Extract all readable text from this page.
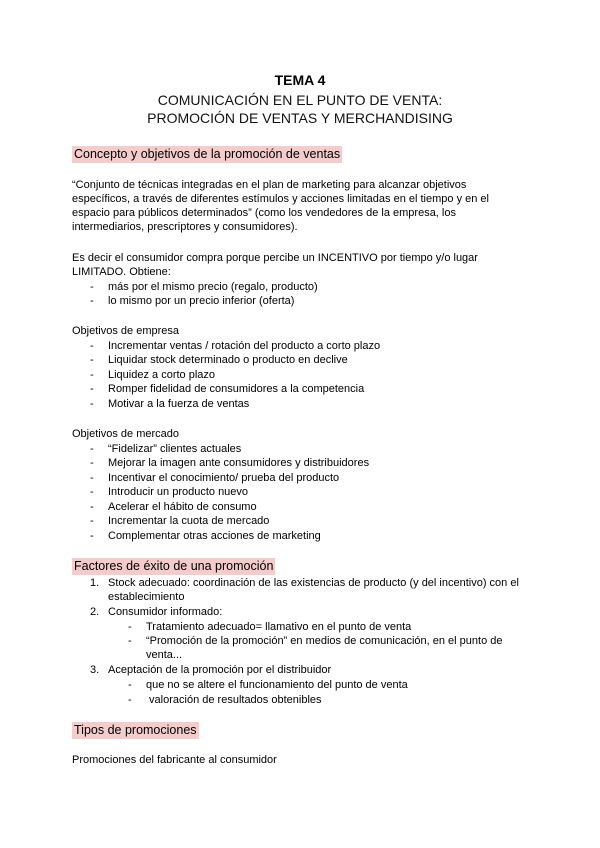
TEMA 4
COMUNICACIÓN EN EL PUNTO DE VENTA:
PROMOCIÓN DE VENTAS Y MERCHANDISING
Concepto y objetivos de la promoción de ventas
“Conjunto de técnicas integradas en el plan de marketing para alcanzar objetivos
específicos, a través de diferentes estímulos y acciones limitadas en el tiempo y en el
espacio para públicos determinados” (como los vendedores de la empresa, los
intermediarios, prescriptores y consumidores).
Es decir el consumidor compra porque percibe un INCENTIVO por tiempo y/o lugar
LIMITADO. Obtiene:
- más por el mismo precio (regalo, producto)
- lo mismo por un precio inferior (oferta)
Objetivos de empresa
- Incrementar ventas / rotación del producto a corto plazo
- Liquidar stock determinado o producto en declive
- Liquidez a corto plazo
- Romper fidelidad de consumidores a la competencia
- Motivar a la fuerza de ventas
Objetivos de mercado
- “Fidelizar” clientes actuales
- Mejorar la imagen ante consumidores y distribuidores
- Incentivar el conocimiento/ prueba del producto
- Introducir un producto nuevo
- Acelerar el hábito de consumo
- Incrementar la cuota de mercado
- Complementar otras acciones de marketing
Factores de éxito de una promoción
1. Stock adecuado: coordinación de las existencias de producto (y del incentivo) con el
establecimiento
2. Consumidor informado:
- Tratamiento adecuado= llamativo en el punto de venta
- “Promoción de la promoción” en medios de comunicación, en el punto de
venta...
3. Aceptación de la promoción por el distribuidor
- que no se altere el funcionamiento del punto de venta
- valoración de resultados obtenibles
Tipos de promociones
Promociones del fabricante al consumidor
